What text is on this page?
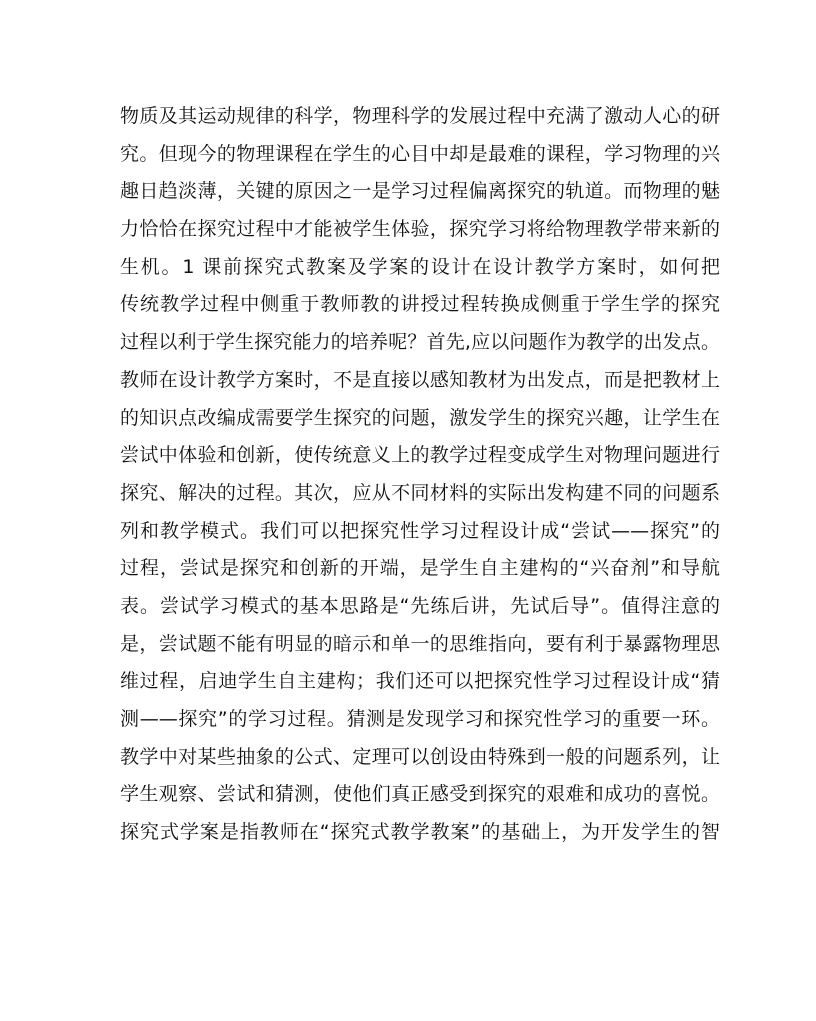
物质及其运动规律的科学，物理科学的发展过程中充满了激动人心的研
究。但现今的物理课程在学生的心目中却是最难的课程，学习物理的兴
趣日趋淡薄，关键的原因之一是学习过程偏离探究的轨道。而物理的魅
力恰恰在探究过程中才能被学生体验，探究学习将给物理教学带来新的
生机。1 课前探究式教案及学案的设计在设计教学方案时，如何把
传统教学过程中侧重于教师教的讲授过程转换成侧重于学生学的探究
过程以利于学生探究能力的培养呢？首先,应以问题作为教学的出发点。
教师在设计教学方案时，不是直接以感知教材为出发点，而是把教材上
的知识点改编成需要学生探究的问题，激发学生的探究兴趣，让学生在
尝试中体验和创新，使传统意义上的教学过程变成学生对物理问题进行
探究、解决的过程。其次，应从不同材料的实际出发构建不同的问题系
列和教学模式。我们可以把探究性学习过程设计成“尝试——探究”的
过程，尝试是探究和创新的开端，是学生自主建构的“兴奋剂”和导航
表。尝试学习模式的基本思路是“先练后讲，先试后导”。值得注意的
是，尝试题不能有明显的暗示和单一的思维指向，要有利于暴露物理思
维过程，启迪学生自主建构；我们还可以把探究性学习过程设计成“猜
测——探究”的学习过程。猜测是发现学习和探究性学习的重要一环。
教学中对某些抽象的公式、定理可以创设由特殊到一般的问题系列，让
学生观察、尝试和猜测，使他们真正感受到探究的艰难和成功的喜悦。
探究式学案是指教师在“探究式教学教案”的基础上，为开发学生的智
